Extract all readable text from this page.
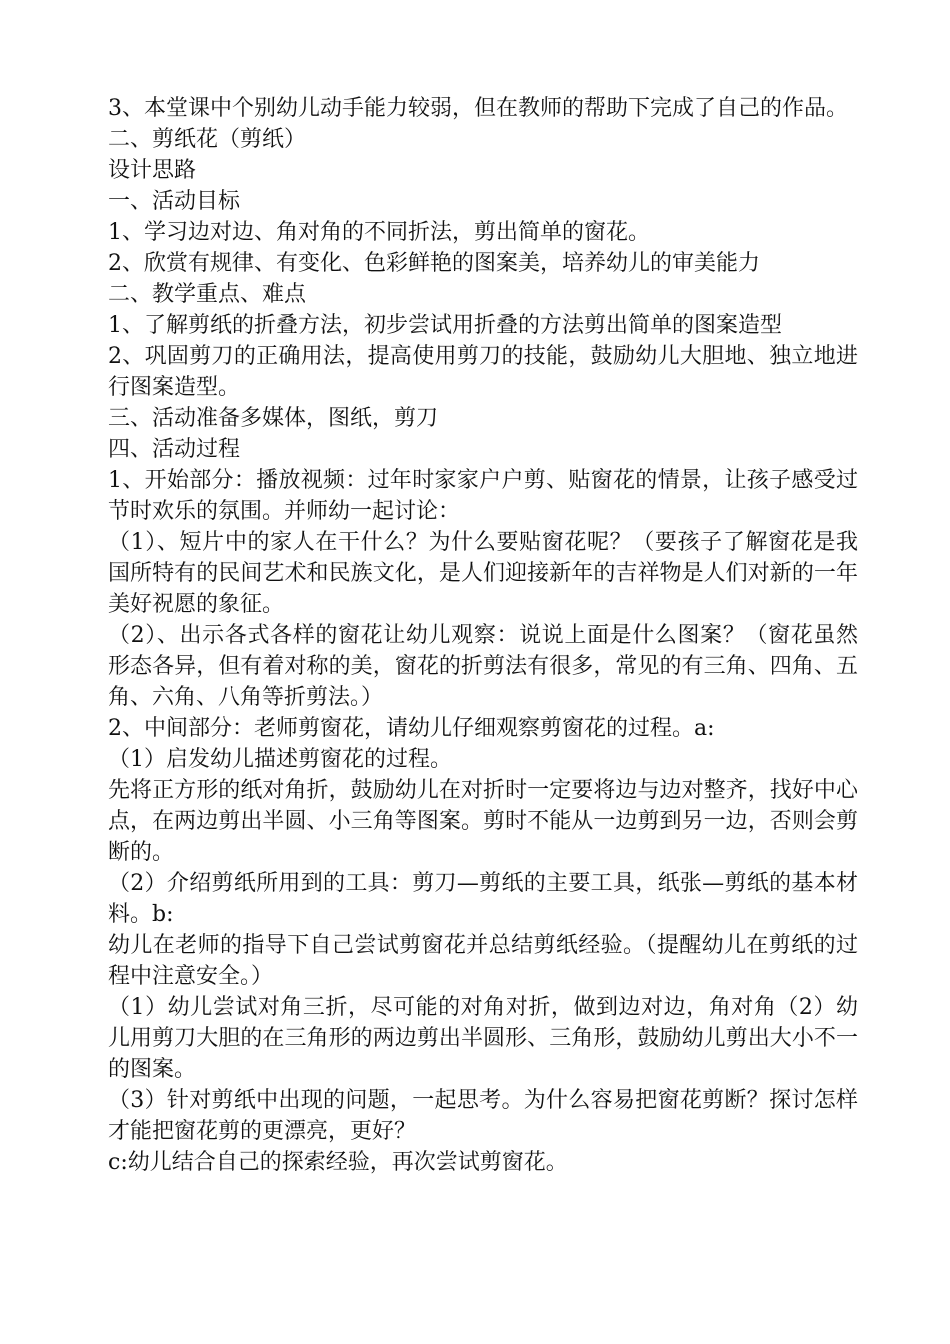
3、本堂课中个别幼儿动手能力较弱，但在教师的帮助下完成了自己的作品。

二、剪纸花（剪纸）

设计思路

一、活动目标

1、学习边对边、角对角的不同折法，剪出简单的窗花。

2、欣赏有规律、有变化、色彩鲜艳的图案美，培养幼儿的审美能力

二、教学重点、难点

1、了解剪纸的折叠方法，初步尝试用折叠的方法剪出简单的图案造型

2、巩固剪刀的正确用法，提高使用剪刀的技能，鼓励幼儿大胆地、独立地进行图案造型。

三、活动准备多媒体，图纸，剪刀

四、活动过程

1、开始部分：播放视频：过年时家家户户剪、贴窗花的情景，让孩子感受过节时欢乐的氛围。并师幼一起讨论：

（1）、短片中的家人在干什么？为什么要贴窗花呢？（要孩子了解窗花是我国所特有的民间艺术和民族文化，是人们迎接新年的吉祥物是人们对新的一年美好祝愿的象征。

（2）、出示各式各样的窗花让幼儿观察：说说上面是什么图案？（窗花虽然形态各异，但有着对称的美，窗花的折剪法有很多，常见的有三角、四角、五角、六角、八角等折剪法。）

2、中间部分：老师剪窗花，请幼儿仔细观察剪窗花的过程。a:

（1）启发幼儿描述剪窗花的过程。

先将正方形的纸对角折，鼓励幼儿在对折时一定要将边与边对整齐，找好中心点，在两边剪出半圆、小三角等图案。剪时不能从一边剪到另一边，否则会剪断的。

（2）介绍剪纸所用到的工具：剪刀—剪纸的主要工具，纸张—剪纸的基本材料。b:

幼儿在老师的指导下自己尝试剪窗花并总结剪纸经验。（提醒幼儿在剪纸的过程中注意安全。）

（1）幼儿尝试对角三折，尽可能的对角对折，做到边对边，角对角（2）幼儿用剪刀大胆的在三角形的两边剪出半圆形、三角形，鼓励幼儿剪出大小不一的图案。

（3）针对剪纸中出现的问题，一起思考。为什么容易把窗花剪断？探讨怎样才能把窗花剪的更漂亮，更好？

c:幼儿结合自己的探索经验，再次尝试剪窗花。
